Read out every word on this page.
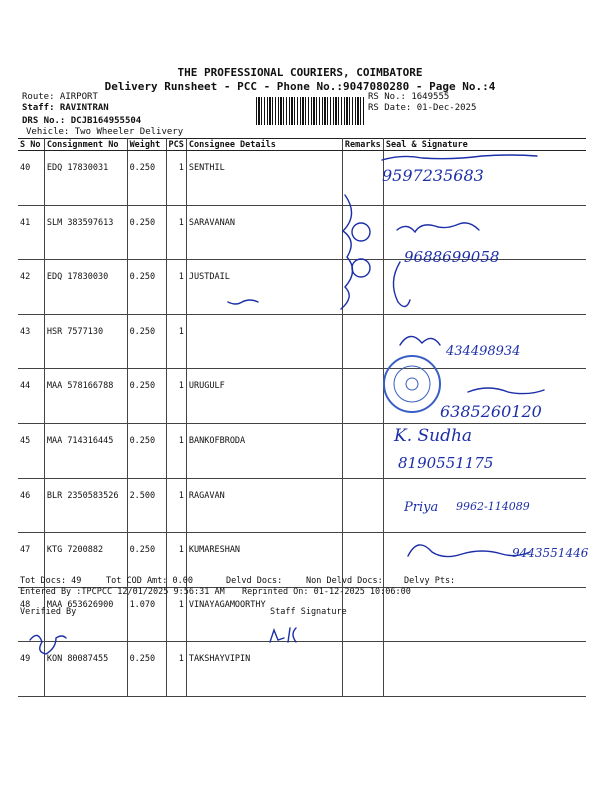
THE PROFESSIONAL COURIERS, COIMBATORE
Delivery Runsheet - PCC - Phone No.:9047080280 - Page No.:4
Route: AIRPORT
Staff: RAVINTRAN
DRS No.: DCJB164955504
Vehicle: Two Wheeler Delivery
RS No.: 1649555
RS Date: 01-Dec-2025
S No	Consignment No	Weight	PCS	Consignee Details	Remarks	Seal & Signature
40	EDQ 17830031	0.250	1	SENTHIL		
41	SLM 383597613	0.250	1	SARAVANAN		
42	EDQ 17830030	0.250	1	JUSTDAIL		
43	HSR 7577130	0.250	1			
44	MAA 578166788	0.250	1	URUGULF		
45	MAA 714316445	0.250	1	BANKOFBRODA		
46	BLR 2350583526	2.500	1	RAGAVAN		
47	KTG 7200882	0.250	1	KUMARESHAN		
48	MAA 653626900	1.070	1	VINAYAGAMOORTHY		
49	KON 80087455	0.250	1	TAKSHAYVIPIN		
9597235683
9688699058
434498934
6385260120
K. Sudha
8190551175
Priya 9962-114089
9443551446
Tot Docs: 49	Tot COD Amt: 0.00	Delvd Docs:	Non Delvd Docs: Delvy Pts:
Entered By :TPCPCC 12/01/2025 9:56:31 AM Reprinted On: 01-12-2025 10:06:00
Verified By	Staff Signature
